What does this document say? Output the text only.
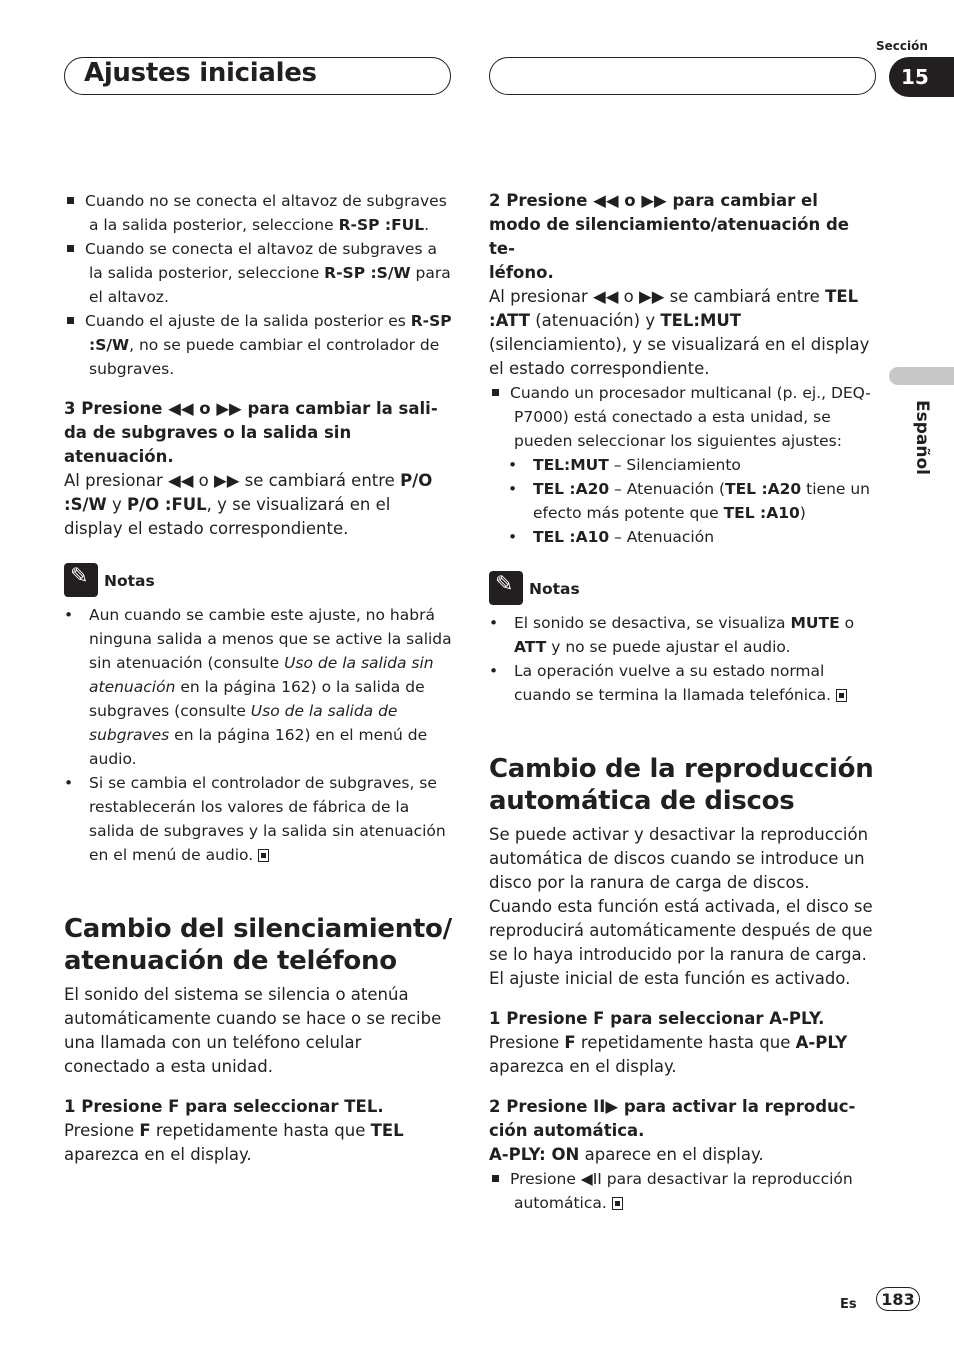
Ajustes iniciales
Sección
15
Español

Cuando no se conecta el altavoz de subgraves a la salida posterior, seleccione R-SP :FUL.

Cuando se conecta el altavoz de subgraves a la salida posterior, seleccione R-SP :S/W para el altavoz.

Cuando el ajuste de la salida posterior es R-SP :S/W, no se puede cambiar el controlador de subgraves.

3 Presione ◀◀ o ▶▶ para cambiar la sali-
da de subgraves o la salida sin atenuación.

Al presionar ◀◀ o ▶▶ se cambiará entre P/O :S/W y P/O :FUL, y se visualizará en el display el estado correspondiente.

✎
Notas

• Aun cuando se cambie este ajuste, no habrá ninguna salida a menos que se active la salida sin atenuación (consulte Uso de la salida sin atenuación en la página 162) o la salida de subgraves (consulte Uso de la salida de subgraves en la página 162) en el menú de audio.

• Si se cambia el controlador de subgraves, se restablecerán los valores de fábrica de la salida de subgraves y la salida sin atenuación en el menú de audio.

Cambio del silenciamiento/
atenuación de teléfono

El sonido del sistema se silencia o atenúa automáticamente cuando se hace o se recibe una llamada con un teléfono celular conectado a esta unidad.

1 Presione F para seleccionar TEL.

Presione F repetidamente hasta que TEL aparezca en el display.

2 Presione ◀◀ o ▶▶ para cambiar el
modo de silenciamiento/atenuación de te-
léfono.

Al presionar ◀◀ o ▶▶ se cambiará entre TEL :ATT (atenuación) y TEL:MUT (silenciamiento), y se visualizará en el display el estado correspondiente.

Cuando un procesador multicanal (p. ej., DEQ-P7000) está conectado a esta unidad, se pueden seleccionar los siguientes ajustes:

• TEL:MUT – Silenciamiento

• TEL :A20 – Atenuación (TEL :A20 tiene un efecto más potente que TEL :A10)

• TEL :A10 – Atenuación

✎
Notas

• El sonido se desactiva, se visualiza MUTE o ATT y no se puede ajustar el audio.

• La operación vuelve a su estado normal cuando se termina la llamada telefónica.

Cambio de la reproducción
automática de discos

Se puede activar y desactivar la reproducción automática de discos cuando se introduce un disco por la ranura de carga de discos. Cuando esta función está activada, el disco se reproducirá automáticamente después de que se lo haya introducido por la ranura de carga. El ajuste inicial de esta función es activado.

1 Presione F para seleccionar A-PLY.

Presione F repetidamente hasta que A-PLY aparezca en el display.

2 Presione II▶ para activar la reproduc-
ción automática.

A-PLY: ON aparece en el display.

Presione ◀II para desactivar la reproducción automática.

Es	183
